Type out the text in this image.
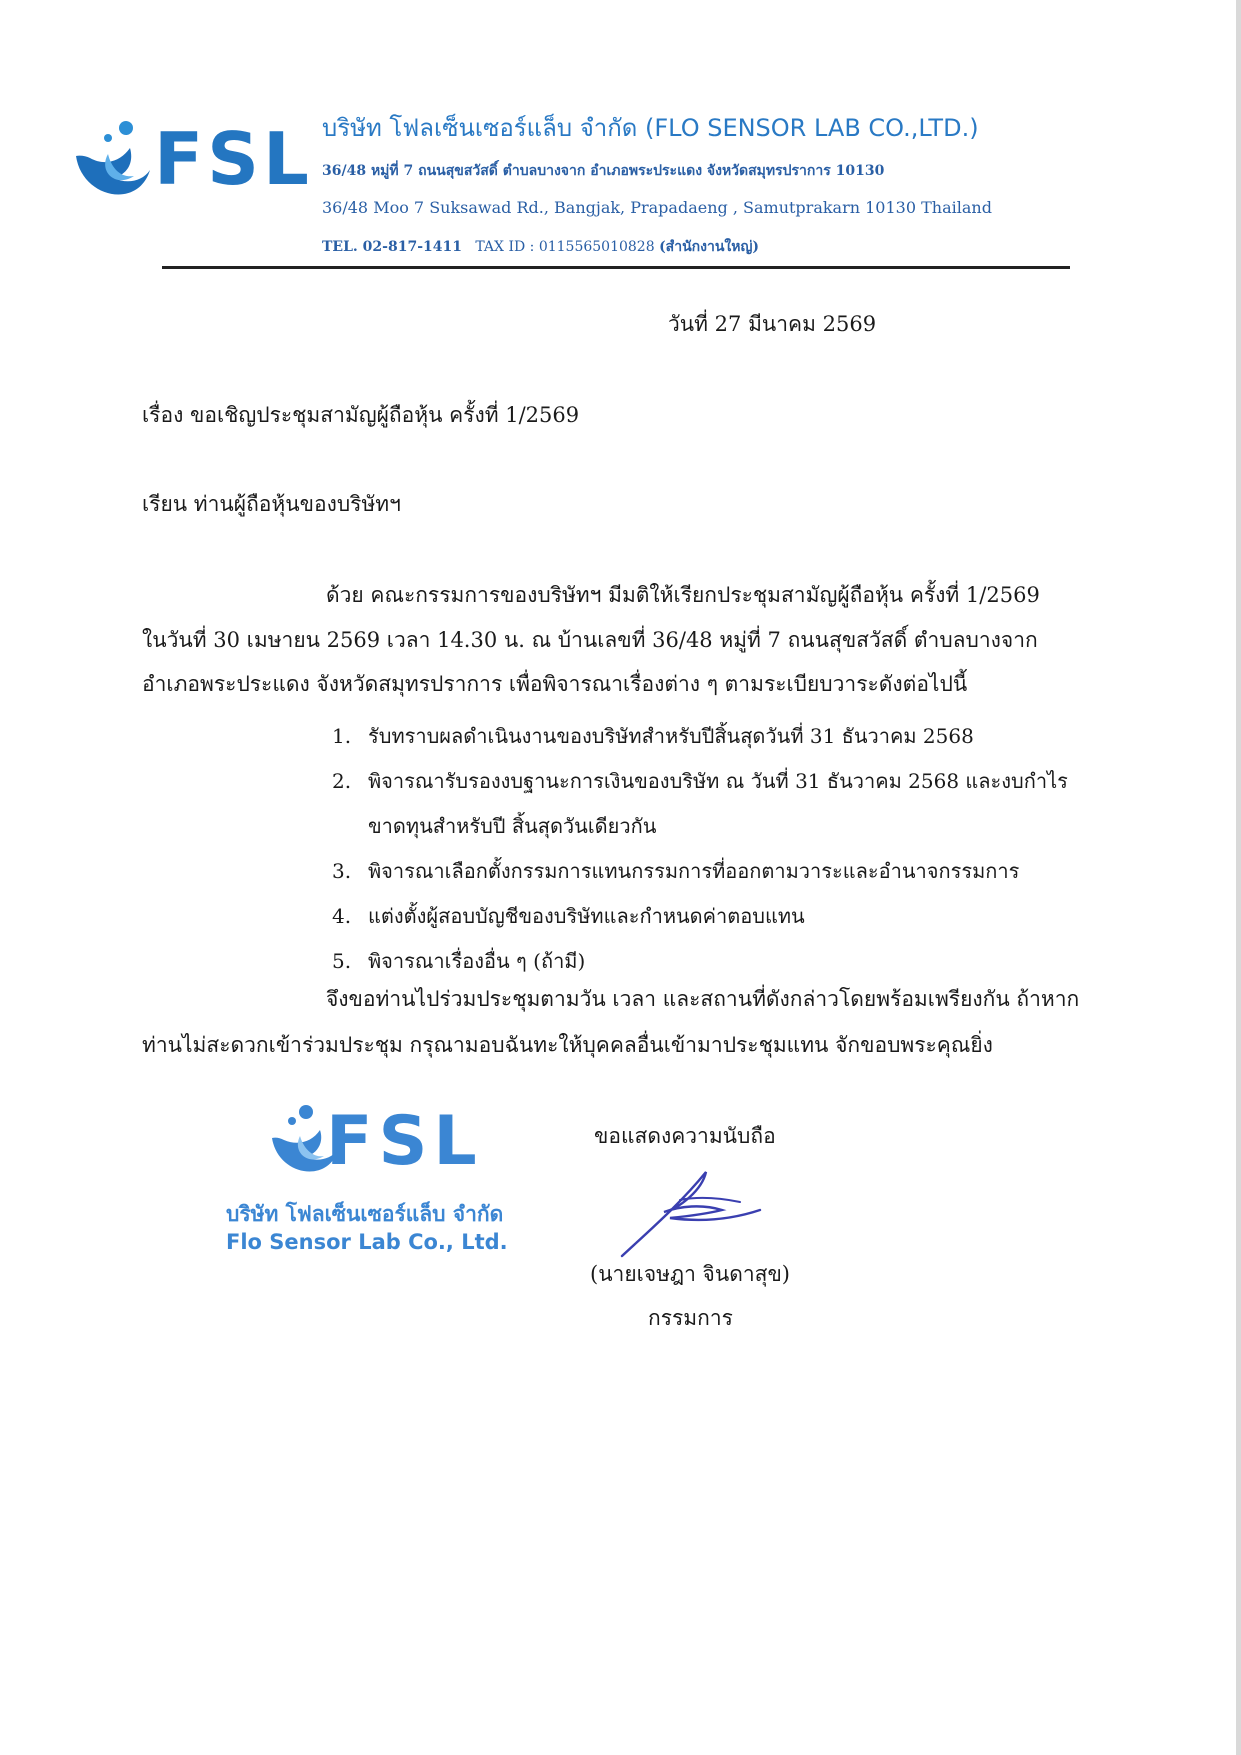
FSL บริษัท โฟลเซ็นเซอร์แล็บ จำกัด (FLO SENSOR LAB CO.,LTD.)
36/48 หมู่ที่ 7 ถนนสุขสวัสดิ์ ตำบลบางจาก อำเภอพระประแดง จังหวัดสมุทรปราการ 10130
36/48 Moo 7 Suksawad Rd., Bangjak, Prapadaeng , Samutprakarn 10130 Thailand
TEL. 02-817-1411 TAX ID : 0115565010828 (สำนักงานใหญ่)
วันที่ 27 มีนาคม 2569
เรื่อง ขอเชิญประชุมสามัญผู้ถือหุ้น ครั้งที่ 1/2569
เรียน ท่านผู้ถือหุ้นของบริษัทฯ
ด้วย คณะกรรมการของบริษัทฯ มีมติให้เรียกประชุมสามัญผู้ถือหุ้น ครั้งที่ 1/2569
ในวันที่ 30 เมษายน 2569 เวลา 14.30 น. ณ บ้านเลขที่ 36/48 หมู่ที่ 7 ถนนสุขสวัสดิ์ ตำบลบางจาก
อำเภอพระประแดง จังหวัดสมุทรปราการ เพื่อพิจารณาเรื่องต่าง ๆ ตามระเบียบวาระดังต่อไปนี้
1. รับทราบผลดำเนินงานของบริษัทสำหรับปีสิ้นสุดวันที่ 31 ธันวาคม 2568
2. พิจารณารับรองงบฐานะการเงินของบริษัท ณ วันที่ 31 ธันวาคม 2568 และงบกำไรขาดทุนสำหรับปี สิ้นสุดวันเดียวกัน
3. พิจารณาเลือกตั้งกรรมการแทนกรรมการที่ออกตามวาระและอำนาจกรรมการ
4. แต่งตั้งผู้สอบบัญชีของบริษัทและกำหนดค่าตอบแทน
5. พิจารณาเรื่องอื่น ๆ (ถ้ามี)
จึงขอท่านไปร่วมประชุมตามวัน เวลา และสถานที่ดังกล่าวโดยพร้อมเพรียงกัน ถ้าหาก
ท่านไม่สะดวกเข้าร่วมประชุม กรุณามอบฉันทะให้บุคคลอื่นเข้ามาประชุมแทน จักขอบพระคุณยิ่ง
FSL
บริษัท โฟลเซ็นเซอร์แล็บ จำกัด
Flo Sensor Lab Co., Ltd.
ขอแสดงความนับถือ
(นายเจษฎา จินดาสุข)
กรรมการ
